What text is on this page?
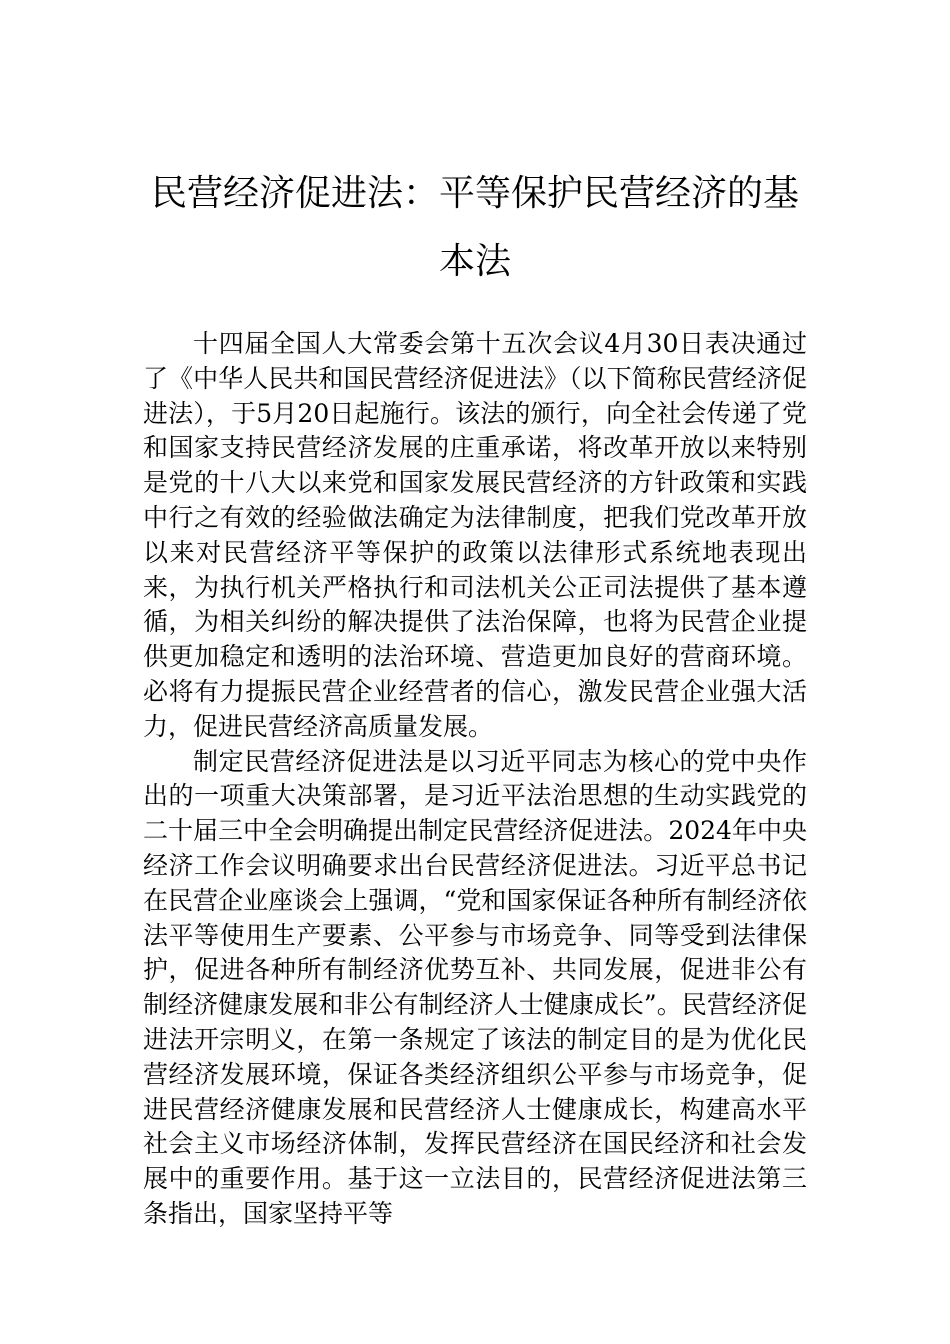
民营经济促进法：平等保护民营经济的基本法

十四届全国人大常委会第十五次会议4月30日表决通过了《中华人民共和国民营经济促进法》（以下简称民营经济促进法），于5月20日起施行。该法的颁行，向全社会传递了党和国家支持民营经济发展的庄重承诺，将改革开放以来特别是党的十八大以来党和国家发展民营经济的方针政策和实践中行之有效的经验做法确定为法律制度，把我们党改革开放以来对民营经济平等保护的政策以法律形式系统地表现出来，为执行机关严格执行和司法机关公正司法提供了基本遵循，为相关纠纷的解决提供了法治保障，也将为民营企业提供更加稳定和透明的法治环境、营造更加良好的营商环境。必将有力提振民营企业经营者的信心，激发民营企业强大活力，促进民营经济高质量发展。

制定民营经济促进法是以习近平同志为核心的党中央作出的一项重大决策部署，是习近平法治思想的生动实践党的二十届三中全会明确提出制定民营经济促进法。2024年中央经济工作会议明确要求出台民营经济促进法。习近平总书记在民营企业座谈会上强调，“党和国家保证各种所有制经济依法平等使用生产要素、公平参与市场竞争、同等受到法律保护，促进各种所有制经济优势互补、共同发展，促进非公有制经济健康发展和非公有制经济人士健康成长”。民营经济促进法开宗明义，在第一条规定了该法的制定目的是为优化民营经济发展环境，保证各类经济组织公平参与市场竞争，促进民营经济健康发展和民营经济人士健康成长，构建高水平社会主义市场经济体制，发挥民营经济在国民经济和社会发展中的重要作用。基于这一立法目的，民营经济促进法第三条指出，国家坚持平等
